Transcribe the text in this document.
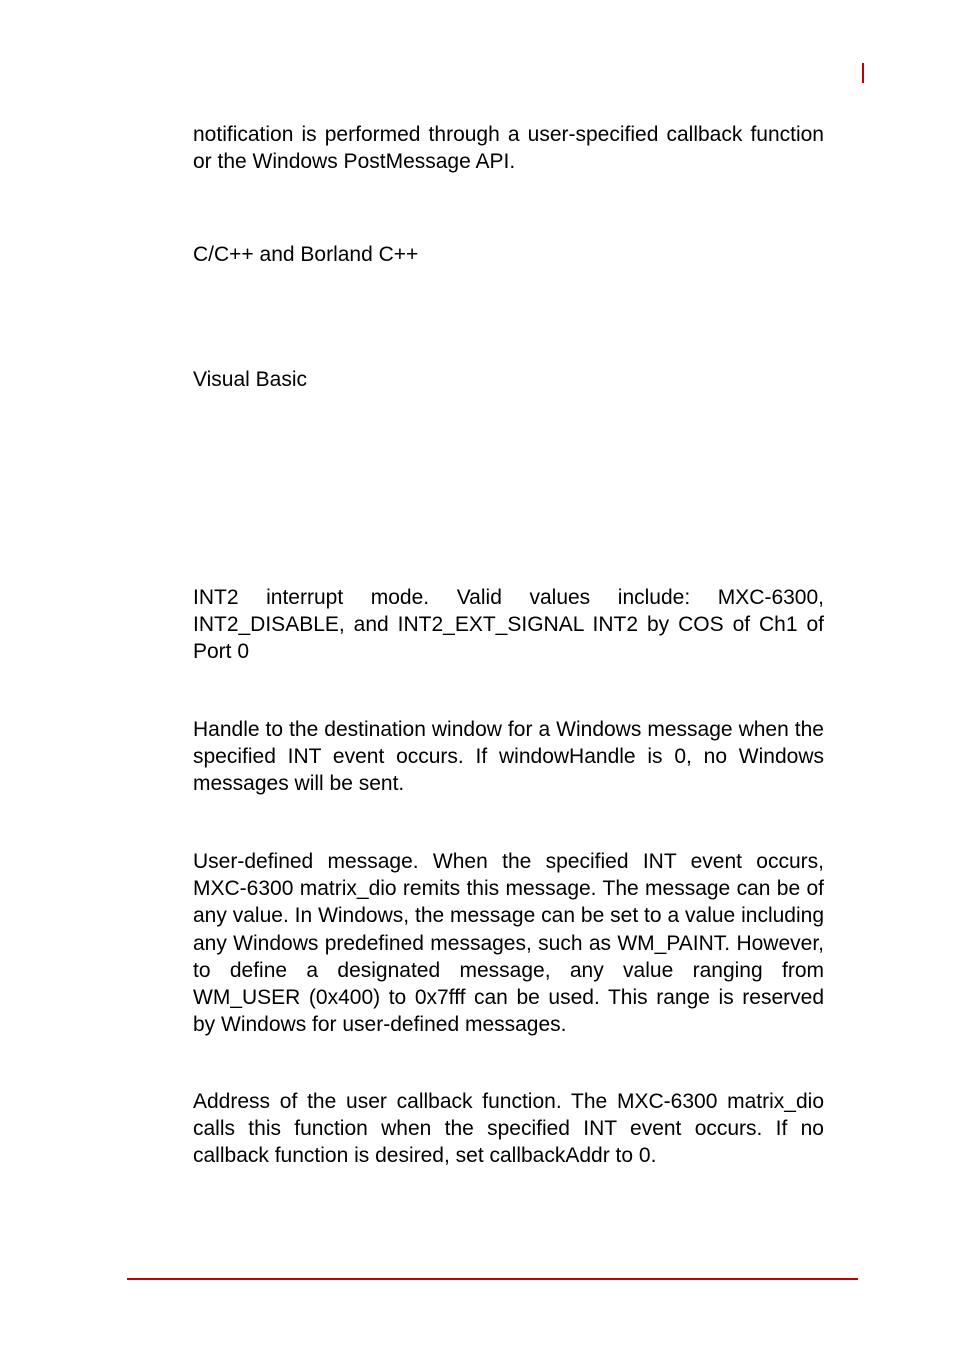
notification is performed through a user-specified callback function or the Windows PostMessage API.

C/C++ and Borland C++

Visual Basic

INT2 interrupt mode. Valid values include: MXC-6300, INT2_DISABLE, and INT2_EXT_SIGNAL INT2 by COS of Ch1 of Port 0

Handle to the destination window for a Windows message when the specified INT event occurs. If windowHandle is 0, no Windows messages will be sent.

User-defined message. When the specified INT event occurs, MXC-6300 matrix_dio remits this message. The message can be of any value. In Windows, the message can be set to a value including any Windows predefined messages, such as WM_PAINT. However, to define a designated message, any value ranging from WM_USER (0x400) to 0x7fff can be used. This range is reserved by Windows for user-defined messages.

Address of the user callback function. The MXC-6300 matrix_dio calls this function when the specified INT event occurs. If no callback function is desired, set callbackAddr to 0.
